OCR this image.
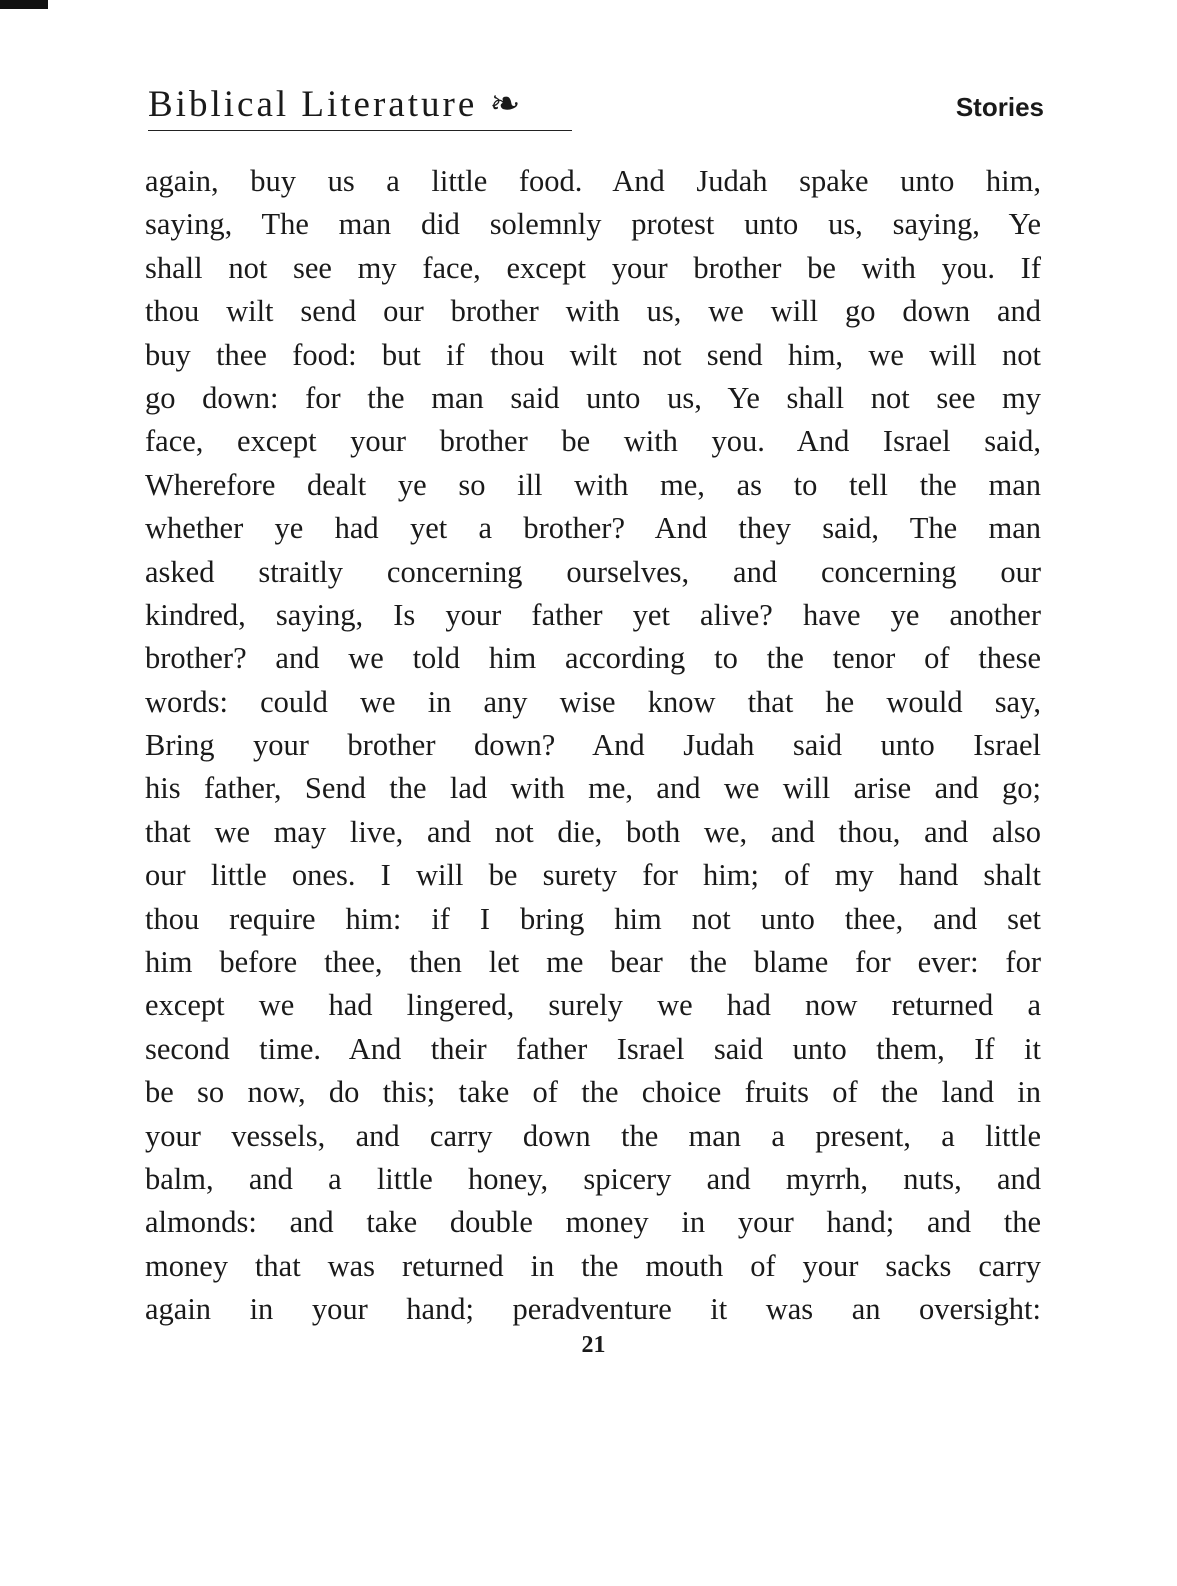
Biblical Literature ❧	Stories
again, buy us a little food. And Judah spake unto him,
saying, The man did solemnly protest unto us, saying, Ye
shall not see my face, except your brother be with you. If
thou wilt send our brother with us, we will go down and
buy thee food: but if thou wilt not send him, we will not
go down: for the man said unto us, Ye shall not see my
face, except your brother be with you. And Israel said,
Wherefore dealt ye so ill with me, as to tell the man
whether ye had yet a brother? And they said, The man
asked straitly concerning ourselves, and concerning our
kindred, saying, Is your father yet alive? have ye another
brother? and we told him according to the tenor of these
words: could we in any wise know that he would say,
Bring your brother down? And Judah said unto Israel
his father, Send the lad with me, and we will arise and go;
that we may live, and not die, both we, and thou, and also
our little ones. I will be surety for him; of my hand shalt
thou require him: if I bring him not unto thee, and set
him before thee, then let me bear the blame for ever: for
except we had lingered, surely we had now returned a
second time. And their father Israel said unto them, If it
be so now, do this; take of the choice fruits of the land in
your vessels, and carry down the man a present, a little
balm, and a little honey, spicery and myrrh, nuts, and
almonds: and take double money in your hand; and the
money that was returned in the mouth of your sacks carry
again in your hand; peradventure it was an oversight:
21
